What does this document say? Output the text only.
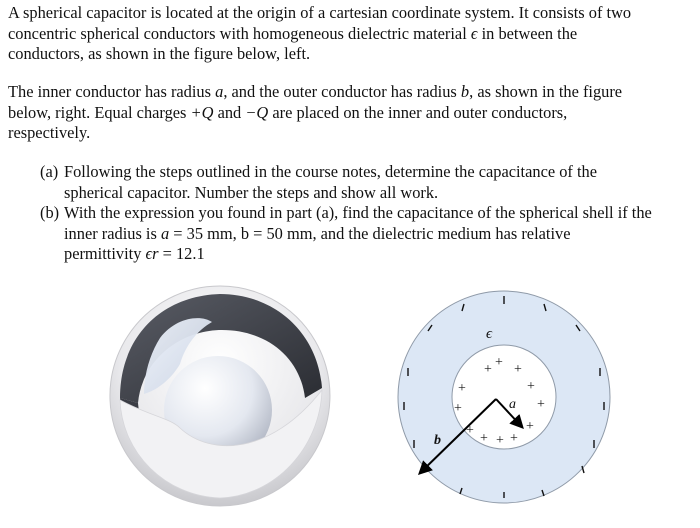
A spherical capacitor is located at the origin of a cartesian coordinate system. It consists of two
concentric spherical conductors with homogeneous dielectric material ϵ in between the
conductors, as shown in the figure below, left.

The inner conductor has radius a, and the outer conductor has radius b, as shown in the figure
below, right. Equal charges +Q and −Q are placed on the inner and outer conductors,
respectively.

(a) Following the steps outlined in the course notes, determine the capacitance of the
spherical capacitor. Number the steps and show all work.
(b) With the expression you found in part (a), find the capacitance of the spherical shell if the
inner radius is a = 35 mm, b = 50 mm, and the dielectric medium has relative
permittivity ϵr = 12.1
+ + +
+
+
+
+
+
+ + +
+
ϵ
a
b
